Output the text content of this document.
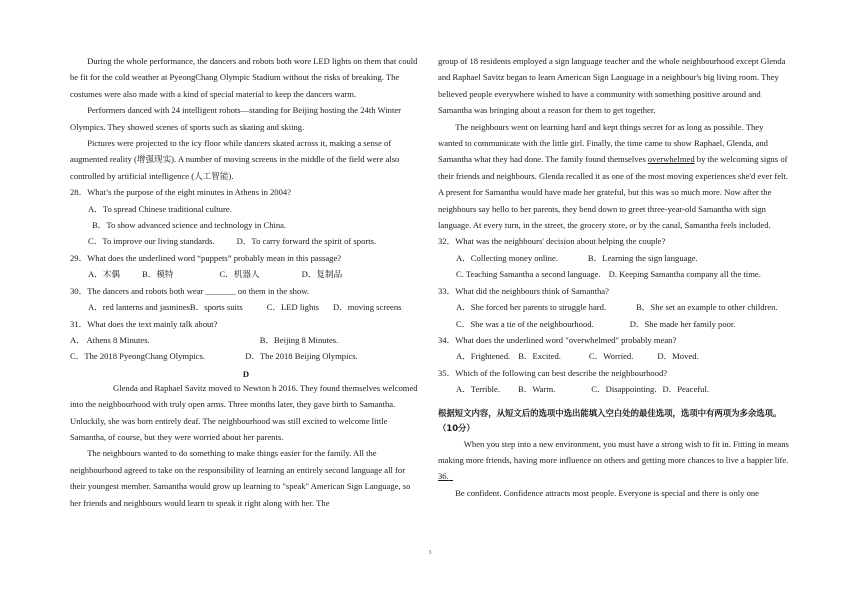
During the whole performance, the dancers and robots both wore LED lights on them that could be fit for the cold weather at PyeongChang Olympic Stadium without the risks of breaking. The costumes were also made with a kind of special material to keep the dancers warm.

Performers danced with 24 intelligent robots—standing for Beijing hosting the 24th Winter Olympics. They showed scenes of sports such as skating and skiing.

Pictures were projected to the icy floor while dancers skated across it, making a sense of augmented reality (增强现实). A number of moving screens in the middle of the field were also controlled by artificial intelligence (人工智能).

28．What’s the purpose of the eight minutes in Athens in 2004?

A．To spread Chinese traditional culture.

B．To show advanced science and technology in China.

C．To improve our living standards.	D．To carry forward the spirit of sports.

29．What does the underlined word “puppets” probably mean in this passage?

A．木偶	B．模特	C．机器人	D．复制品

30．The dancers and robots both wear _______ on them in the show.

A．red lanterns and jasminesB．sports suits	C．LED lights D．moving screens

31．What does the text mainly talk about?

A． Athens 8 Minutes.	B．Beijing 8 Minutes.

C．The 2018 PyeongChang Olympics.	D．The 2018 Beijing Olympics.

D

Glenda and Raphael Savitz moved to Newton h 2016. They found themselves welcomed into the neighbourhood with truly open arms. Three months later, they gave birth to Samantha. Unluckily, she was born entirely deaf. The neighbourhood was still excited to welcome little Samantha, of course, but they were worried about her parents.

The neighbours wanted to do something to make things easier for the family. All the neighbourhood agreed to take on the responsibility of learning an entirely second language all for their youngest member. Samantha would grow up learning to "speak" American Sign Language, so her friends and neighbours would learn to speak it right along with her. The

group of 18 residents employed a sign language teacher and the whole neighbourhood except Glenda and Raphael Savitz began to learn American Sign Language in a neighbour's big living room. They believed people everywhere wished to have a community with something positive around and Samantha was bringing about a reason for them to get together.

The neighbours went on learning hard and kept things secret for as long as possible. They wanted to communicate with the little girl. Finally, the time came to show Raphael, Glenda, and Samantha what they had done. The family found themselves overwhelmed by the welcoming signs of their friends and neighbours. Glenda recalled it as one of the most moving experiences she'd ever felt. A present for Samantha would have made her grateful, but this was so much more. Now after the neighbours say hello to her parents, they bend down to greet three-year-old Samantha with sign language. At every turn, in the street, the grocery store, or by the canal, Samantha feels included.

32．What was the neighbours' decision about helping the couple?

A．Collecting money online.	B．Learning the sign language.

C. Teaching Samantha a second language. D. Keeping Samantha company all the time.

33．What did the neighbours think of Samantha?

A．She forced her parents to struggle hard.	B．She set an example to other children.

C．She was a tie of the neighbourhood.	D．She made her family poor.

34．What does the underlined word "overwhelmed" probably mean?

A．Frightened. B．Excited.	C．Worried.	D．Moved.

35．Which of the following can best describe the neighbourhood?

A．Terrible. B．Warm.	C．Disappointing. D．Peaceful.

根据短文内容，从短文后的选项中选出能填入空白处的最佳选项，选项中有两项为多余选项。（10分）

When you step into a new environment, you must have a strong wish to fit in. Fitting in means making more friends, having more influence on others and getting more chances to live a happier life. 36.

Be confident. Confidence attracts most people. Everyone is special and there is only one

3
